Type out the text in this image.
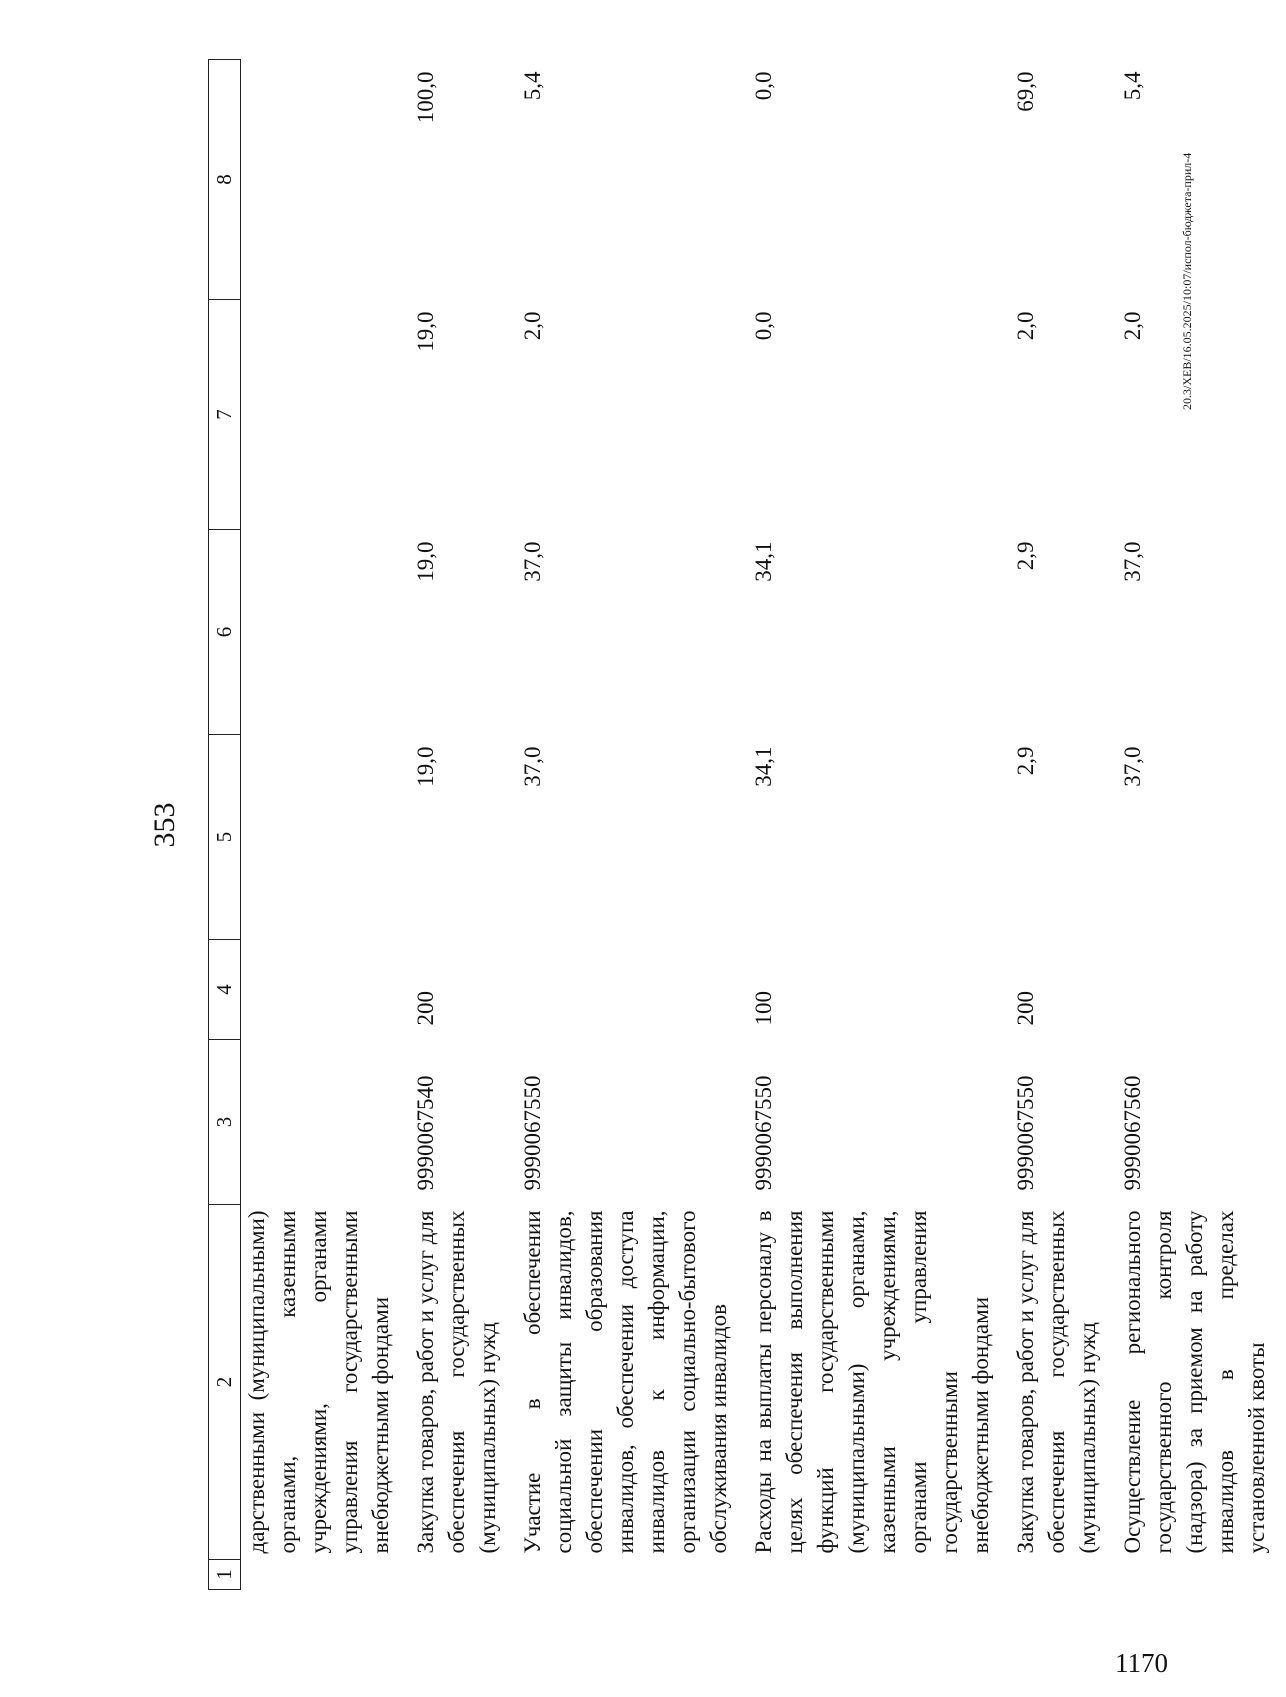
353
1	2	3	4	5	6	7	8
	дарственными (муниципальными) органами, казенными учреждениями, органами управления государственными внебюджетными фондами						
	Закупка товаров, работ и услуг для обеспечения государственных (муниципальных) нужд	9990067540	200	19,0	19,0	19,0	100,0
	Участие в обеспечении социальной защиты инвалидов, обеспечении образования инвалидов, обеспечении доступа инвалидов к информации, организации социально-бытового обслуживания инвалидов	9990067550		37,0	37,0	2,0	5,4
	Расходы на выплаты персоналу в целях обеспечения выполнения функций государственными (муниципальными) органами, казенными учреждениями, органами управления государственными внебюджетными фондами	9990067550	100	34,1	34,1	0,0	0,0
	Закупка товаров, работ и услуг для обеспечения государственных (муниципальных) нужд	9990067550	200	2,9	2,9	2,0	69,0
	Осуществление регионального государственного контроля (надзора) за приемом на работу инвалидов в пределах установленной квоты	9990067560		37,0	37,0	2,0	5,4
20.3/ХЕВ/16.05.2025/10:07/испол-бюджета-прил-4
1170
